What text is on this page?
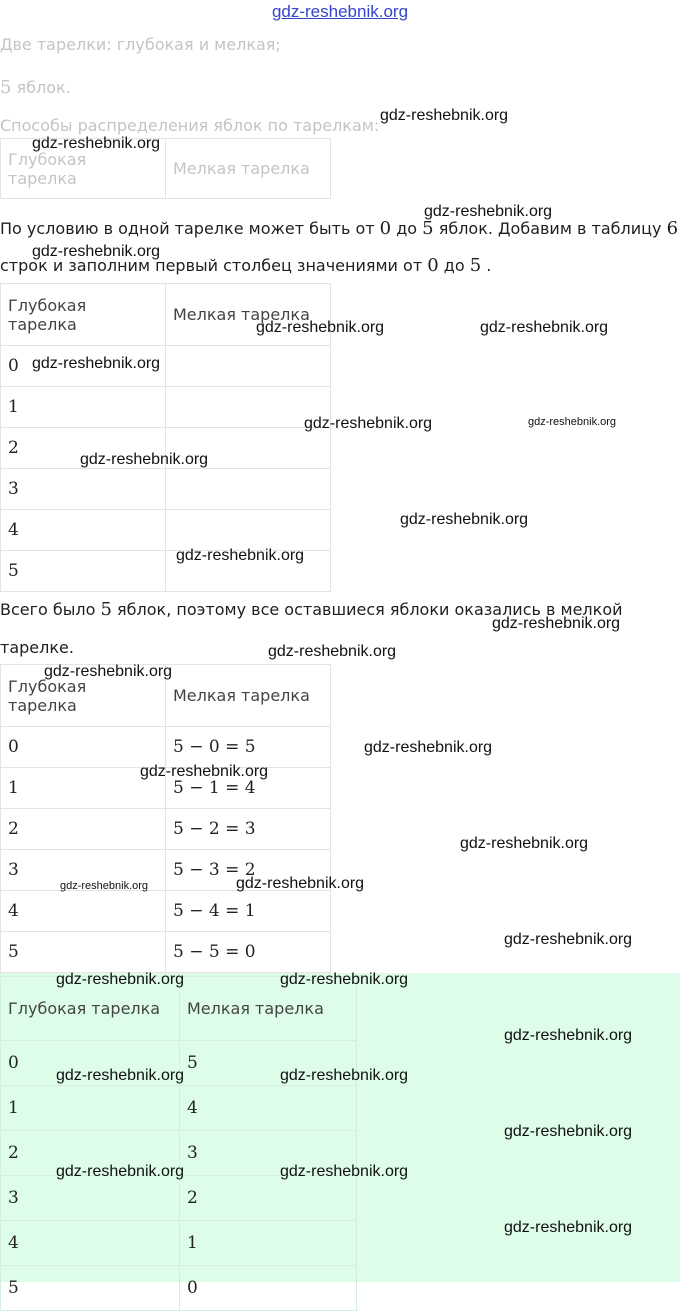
gdz-reshebnik.org
Две тарелки: глубокая и мелкая;
5 яблок.
Способы распределения яблок по тарелкам:
Глубокая тарелка	Мелкая тарелка
По условию в одной тарелке может быть от 0 до 5 яблок. Добавим в таблицу 6
строк и заполним первый столбец значениями от 0 до 5 .
Глубокая тарелка	Мелкая тарелка
0	
1	
2	
3	
4	
5	
Всего было 5 яблок, поэтому все оставшиеся яблоки оказались в мелкой
тарелке.
Глубокая тарелка	Мелкая тарелка
0	5 − 0 = 5
1	5 − 1 = 4
2	5 − 2 = 3
3	5 − 3 = 2
4	5 − 4 = 1
5	5 − 5 = 0
Глубокая тарелка	Мелкая тарелка
0	5
1	4
2	3
3	2
4	1
5	0
gdz-reshebnik.org
gdz-reshebnik.org
gdz-reshebnik.org
gdz-reshebnik.org
gdz-reshebnik.org	gdz-reshebnik.org
gdz-reshebnik.org
gdz-reshebnik.org	gdz-reshebnik.org
gdz-reshebnik.org
gdz-reshebnik.org
gdz-reshebnik.org
gdz-reshebnik.org
gdz-reshebnik.org
gdz-reshebnik.org
gdz-reshebnik.org
gdz-reshebnik.org
gdz-reshebnik.org
gdz-reshebnik.org	gdz-reshebnik.org
gdz-reshebnik.org
gdz-reshebnik.org	gdz-reshebnik.org
gdz-reshebnik.org
gdz-reshebnik.org	gdz-reshebnik.org
gdz-reshebnik.org
gdz-reshebnik.org	gdz-reshebnik.org
gdz-reshebnik.org
